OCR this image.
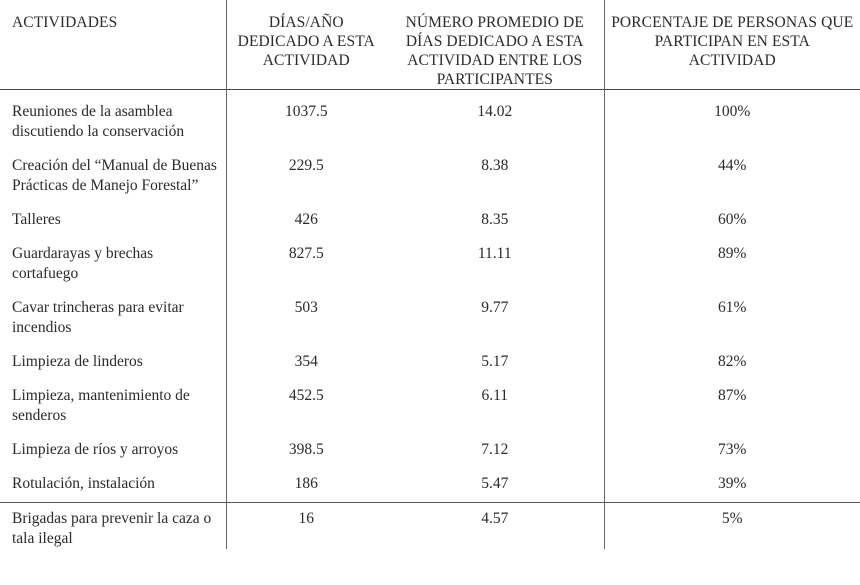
ACTIVIDADES	DÍAS/AÑO DEDICADO A ESTA ACTIVIDAD	NÚMERO PROMEDIO DE DÍAS DEDICADO A ESTA ACTIVIDAD ENTRE LOS PARTICIPANTES	PORCENTAJE DE PERSONAS QUE PARTICIPAN EN ESTA ACTIVIDAD
Reuniones de la asamblea discutiendo la conservación	1037.5	14.02	100%
Creación del “Manual de Buenas Prácticas de Manejo Forestal”	229.5	8.38	44%
Talleres	426	8.35	60%
Guardarayas y brechas cortafuego	827.5	11.11	89%
Cavar trincheras para evitar incendios	503	9.77	61%
Limpieza de linderos	354	5.17	82%
Limpieza, mantenimiento de senderos	452.5	6.11	87%
Limpieza de ríos y arroyos	398.5	7.12	73%
Rotulación, instalación	186	5.47	39%
Brigadas para prevenir la caza o tala ilegal	16	4.57	5%
